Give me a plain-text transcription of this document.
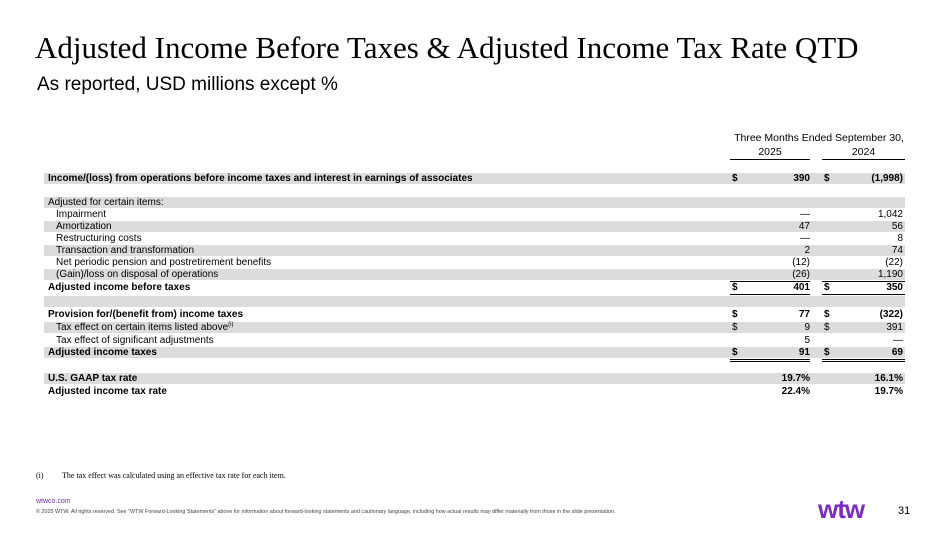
Adjusted Income Before Taxes & Adjusted Income Tax Rate QTD
As reported, USD millions except %
Three Months Ended September 30,
2025	2024
Income/(loss) from operations before income taxes and interest in earnings of associates	$	390 $	(1,998)
Adjusted for certain items:
Impairment	—	1,042
Amortization	47	56
Restructuring costs	—	8
Transaction and transformation	2	74
Net periodic pension and postretirement benefits	(12)	(22)
(Gain)/loss on disposal of operations	(26)	1,190
Adjusted income before taxes	$	401 $	350
Provision for/(benefit from) income taxes	$	77 $	(322)
Tax effect on certain items listed above$^{(i)}$	$	9 $	391
Tax effect of significant adjustments	5	—
Adjusted income taxes	$	91 $	69
U.S. GAAP tax rate	19.7%	16.1%
Adjusted income tax rate	22.4%	19.7%
(i) The tax effect was calculated using an effective tax rate for each item.
wtwco.com
© 2025 WTW. All rights reserved. See "WTW Forward-Looking Statements" above for information about forward-looking statements and cautionary language, including how actual results may differ materially from those in the slide presentation.	wtw	31
